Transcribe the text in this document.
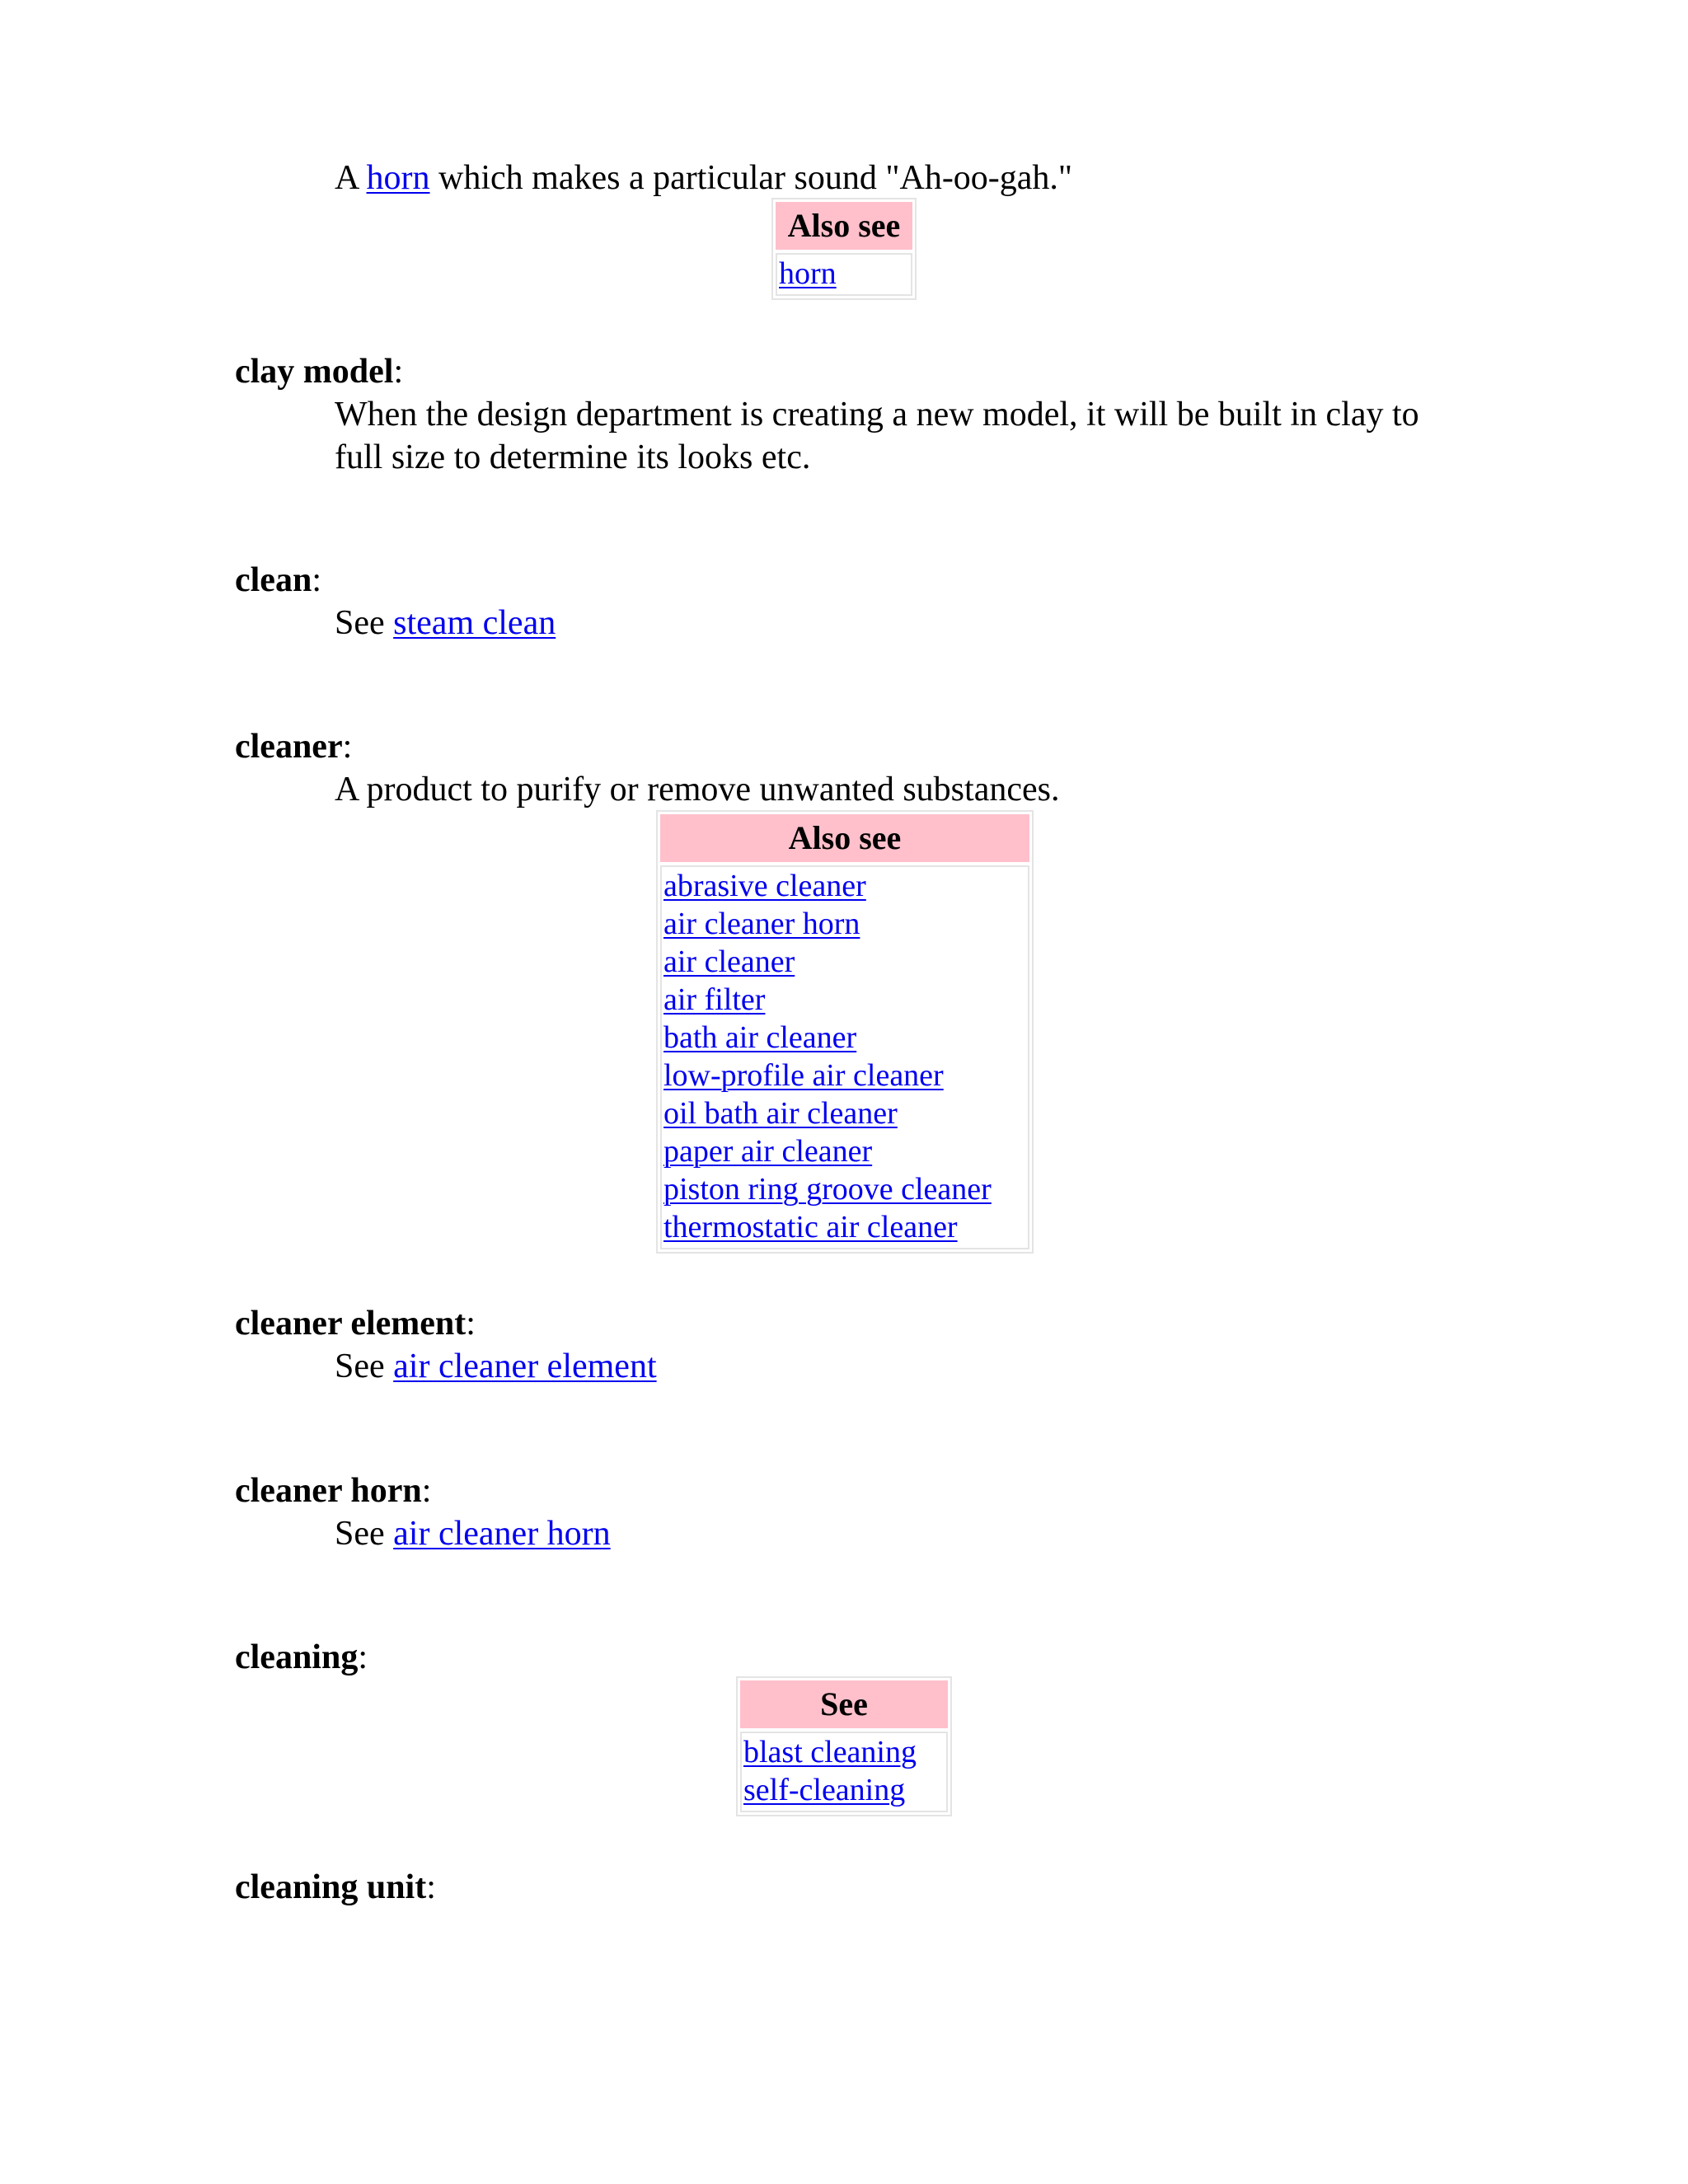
A horn which makes a particular sound "Ah-oo-gah."
Also see
horn
clay model:
When the design department is creating a new model, it will be built in clay to full size to determine its looks etc.
clean:
See steam clean
cleaner:
A product to purify or remove unwanted substances.
Also see
abrasive cleaner
air cleaner horn
air cleaner
air filter
bath air cleaner
low-profile air cleaner
oil bath air cleaner
paper air cleaner
piston ring groove cleaner
thermostatic air cleaner
cleaner element:
See air cleaner element
cleaner horn:
See air cleaner horn
cleaning:
See
blast cleaning
self-cleaning
cleaning unit:
